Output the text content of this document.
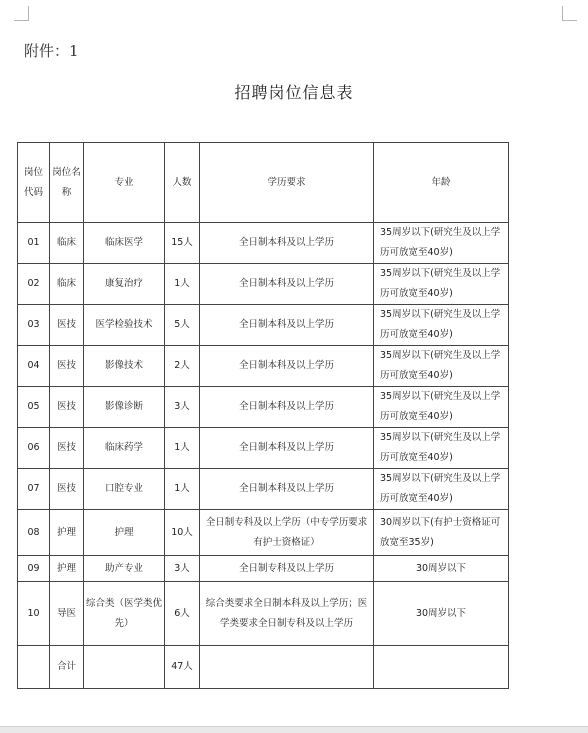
附件：1
招聘岗位信息表
岗位代码	岗位名称	专业	人数	学历要求	年龄
01	临床	临床医学	15人	全日制本科及以上学历	35周岁以下(研究生及以上学历可放宽至40岁)
02	临床	康复治疗	1人	全日制本科及以上学历	35周岁以下(研究生及以上学历可放宽至40岁)
03	医技	医学检验技术	5人	全日制本科及以上学历	35周岁以下(研究生及以上学历可放宽至40岁)
04	医技	影像技术	2人	全日制本科及以上学历	35周岁以下(研究生及以上学历可放宽至40岁)
05	医技	影像诊断	3人	全日制本科及以上学历	35周岁以下(研究生及以上学历可放宽至40岁)
06	医技	临床药学	1人	全日制本科及以上学历	35周岁以下(研究生及以上学历可放宽至40岁)
07	医技	口腔专业	1人	全日制本科及以上学历	35周岁以下(研究生及以上学历可放宽至40岁)
08	护理	护理	10人	全日制专科及以上学历（中专学历要求有护士资格证）	30周岁以下(有护士资格证可放宽至35岁)
09	护理	助产专业	3人	全日制专科及以上学历	30周岁以下
10	导医	综合类（医学类优先）	6人	综合类要求全日制本科及以上学历；医学类要求全日制专科及以上学历	30周岁以下
	合计		47人		
